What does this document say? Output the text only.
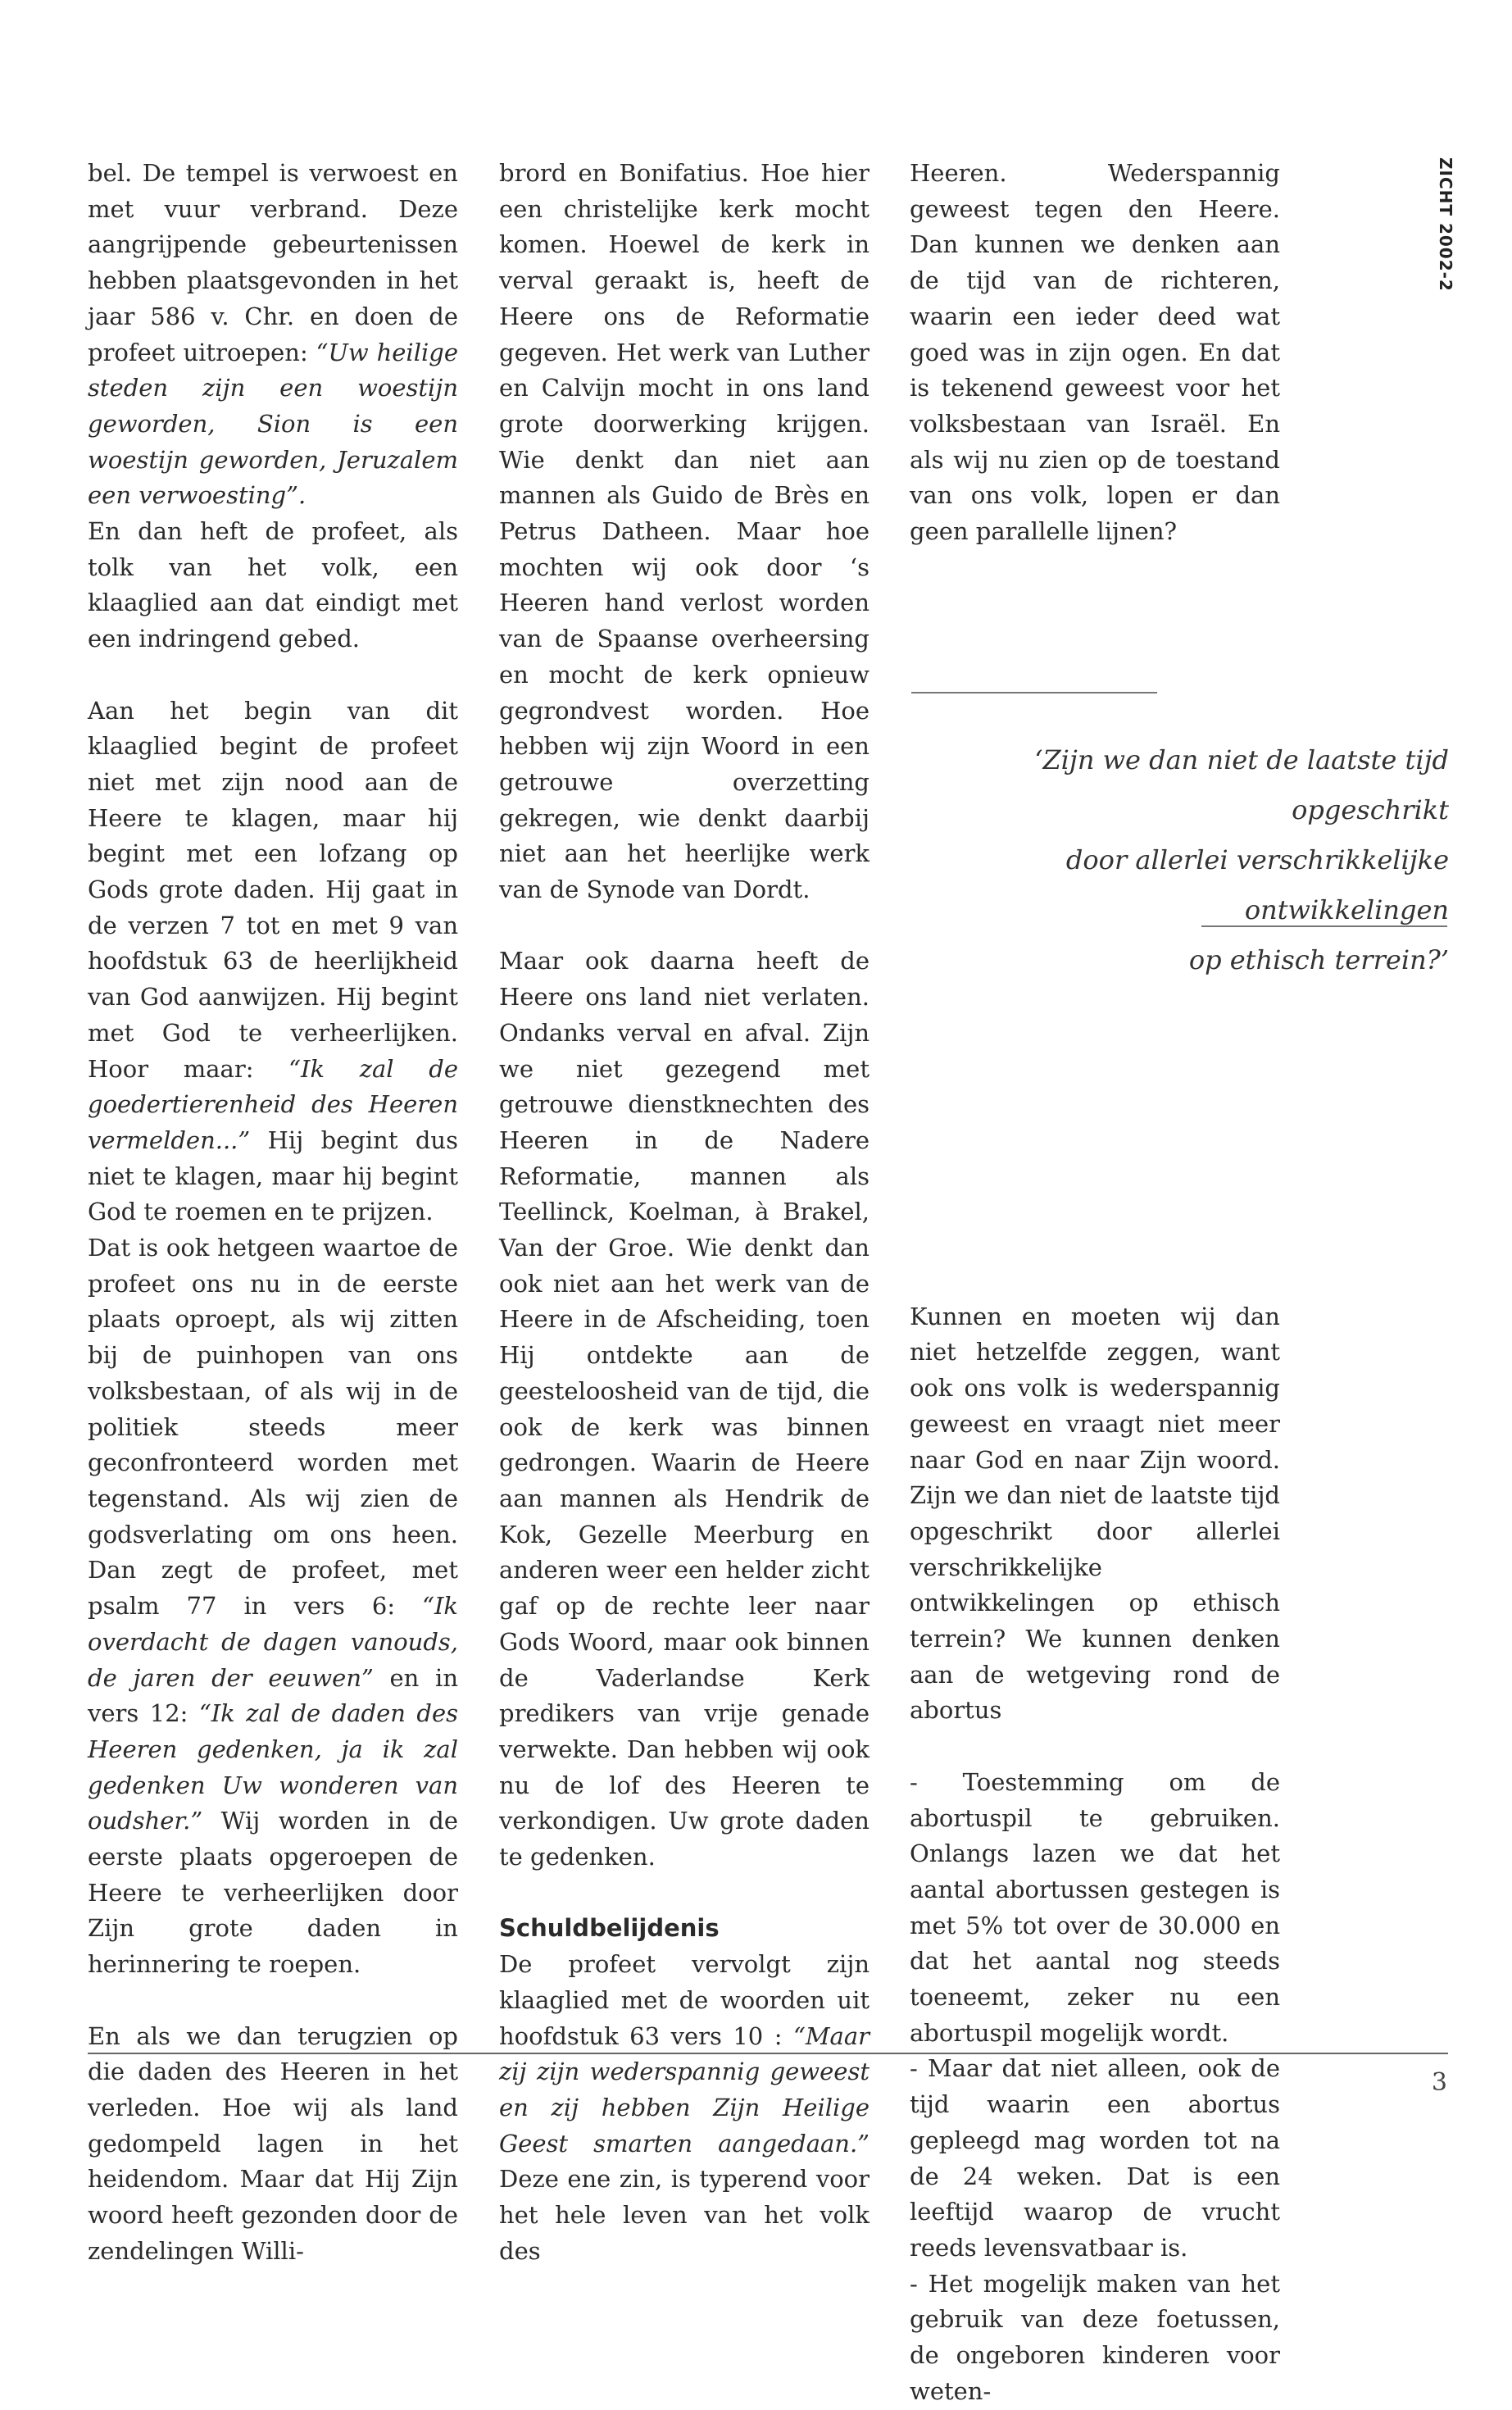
ZICHT 2002-2

bel. De tempel is verwoest en met vuur verbrand. Deze aangrijpende gebeurtenissen hebben plaatsgevonden in het jaar 586 v. Chr. en doen de profeet uitroepen: “Uw heilige steden zijn een woestijn geworden, Sion is een woestijn geworden, Jeruzalem een verwoesting”.

En dan heft de profeet, als tolk van het volk, een klaaglied aan dat eindigt met een indringend gebed.

Aan het begin van dit klaaglied begint de profeet niet met zijn nood aan de Heere te klagen, maar hij begint met een lofzang op Gods grote daden. Hij gaat in de verzen 7 tot en met 9 van hoofdstuk 63 de heerlijkheid van God aanwijzen. Hij begint met God te verheerlijken. Hoor maar: “Ik zal de goedertierenheid des Heeren vermelden...” Hij begint dus niet te klagen, maar hij begint God te roemen en te prijzen.

Dat is ook hetgeen waartoe de profeet ons nu in de eerste plaats oproept, als wij zitten bij de puinhopen van ons volksbestaan, of als wij in de politiek steeds meer geconfronteerd worden met tegenstand. Als wij zien de godsverlating om ons heen. Dan zegt de profeet, met psalm 77 in vers 6: “Ik overdacht de dagen vanouds, de jaren der eeuwen” en in vers 12: “Ik zal de daden des Heeren gedenken, ja ik zal gedenken Uw wonderen van oudsher.” Wij worden in de eerste plaats opgeroepen de Heere te verheerlijken door Zijn grote daden in herinnering te roepen.

En als we dan terugzien op die daden des Heeren in het verleden. Hoe wij als land gedompeld lagen in het heidendom. Maar dat Hij Zijn woord heeft gezonden door de zendelingen Willi-

brord en Bonifatius. Hoe hier een christelijke kerk mocht komen. Hoewel de kerk in verval geraakt is, heeft de Heere ons de Reformatie gegeven. Het werk van Luther en Calvijn mocht in ons land grote doorwerking krijgen. Wie denkt dan niet aan mannen als Guido de Brès en Petrus Datheen. Maar hoe mochten wij ook door ‘s Heeren hand verlost worden van de Spaanse overheersing en mocht de kerk opnieuw gegrondvest worden. Hoe hebben wij zijn Woord in een getrouwe overzetting gekregen, wie denkt daarbij niet aan het heerlijke werk van de Synode van Dordt.

Maar ook daarna heeft de Heere ons land niet verlaten. Ondanks verval en afval. Zijn we niet gezegend met getrouwe dienstknechten des Heeren in de Nadere Reformatie, mannen als Teellinck, Koelman, à Brakel, Van der Groe. Wie denkt dan ook niet aan het werk van de Heere in de Afscheiding, toen Hij ontdekte aan de geesteloosheid van de tijd, die ook de kerk was binnen gedrongen. Waarin de Heere aan mannen als Hendrik de Kok, Gezelle Meerburg en anderen weer een helder zicht gaf op de rechte leer naar Gods Woord, maar ook binnen de Vaderlandse Kerk predikers van vrije genade verwekte. Dan hebben wij ook nu de lof des Heeren te verkondigen. Uw grote daden te gedenken.

Schuldbelijdenis

De profeet vervolgt zijn klaaglied met de woorden uit hoofdstuk 63 vers 10 : “Maar zij zijn wederspannig geweest en zij hebben Zijn Heilige Geest smarten aangedaan.” Deze ene zin, is typerend voor het hele leven van het volk des

Heeren. Wederspannig geweest tegen den Heere. Dan kunnen we denken aan de tijd van de richteren, waarin een ieder deed wat goed was in zijn ogen. En dat is tekenend geweest voor het volksbestaan van Israël. En als wij nu zien op de toestand van ons volk, lopen er dan geen parallelle lijnen?

Kunnen en moeten wij dan niet hetzelfde zeggen, want ook ons volk is wederspannig geweest en vraagt niet meer naar God en naar Zijn woord. Zijn we dan niet de laatste tijd opgeschrikt door allerlei verschrikkelijke ontwikkelingen op ethisch terrein? We kunnen denken aan de wetgeving rond de abortus

- Toestemming om de abortuspil te gebruiken. Onlangs lazen we dat het aantal abortussen gestegen is met 5% tot over de 30.000 en dat het aantal nog steeds toeneemt, zeker nu een abortuspil mogelijk wordt.

- Maar dat niet alleen, ook de tijd waarin een abortus gepleegd mag worden tot na de 24 weken. Dat is een leeftijd waarop de vrucht reeds levensvatbaar is.

- Het mogelijk maken van het gebruik van deze foetussen, de ongeboren kinderen voor weten-

‘Zijn we dan niet de laatste tijd opgeschrikt
door allerlei verschrikkelijke ontwikkelingen
op ethisch terrein?’
3
